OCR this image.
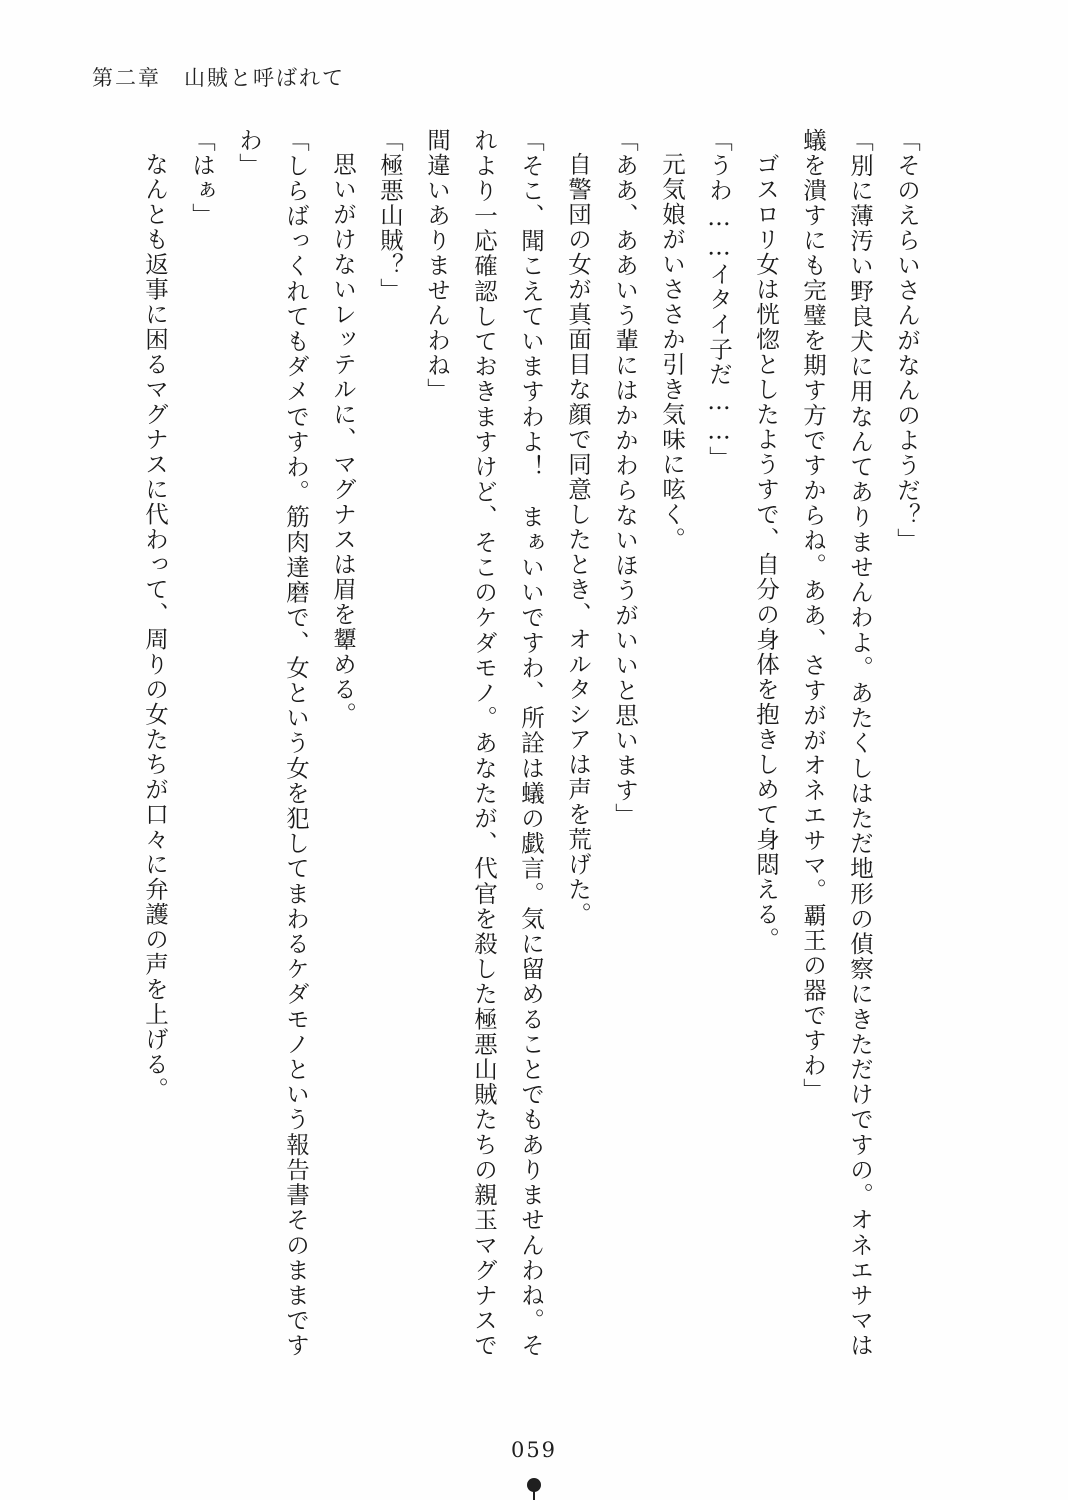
第二章　山賊と呼ばれて

「そのえらいさんがなんのようだ？」

「別に薄汚い野良犬に用なんてありませんわよ。あたくしはただ地形の偵察にきただけですの。オネエサマは蟻を潰すにも完璧を期す方ですからね。ああ、さすががオネエサマ。覇王の器ですわ」

ゴスロリ女は恍惚としたようすで、自分の身体を抱きしめて身悶える。

「うわ……イタイ子だ……」

元気娘がいささか引き気味に呟く。

「ああ、ああいう輩にはかかわらないほうがいいと思います」

自警団の女が真面目な顔で同意したとき、オルタシアは声を荒げた。

「そこ、聞こえていますわよ！　まぁいいですわ、所詮は蟻の戯言。気に留めることでもありませんわね。それより一応確認しておきますけど、そこのケダモノ。あなたが、代官を殺した極悪山賊たちの親玉マグナスで間違いありませんわね」

「極悪山賊？」

思いがけないレッテルに、マグナスは眉を顰める。

「しらばっくれてもダメですわ。筋肉達磨で、女という女を犯してまわるケダモノという報告書そのままですわ」

「はぁ」

なんとも返事に困るマグナスに代わって、周りの女たちが口々に弁護の声を上げる。

059
